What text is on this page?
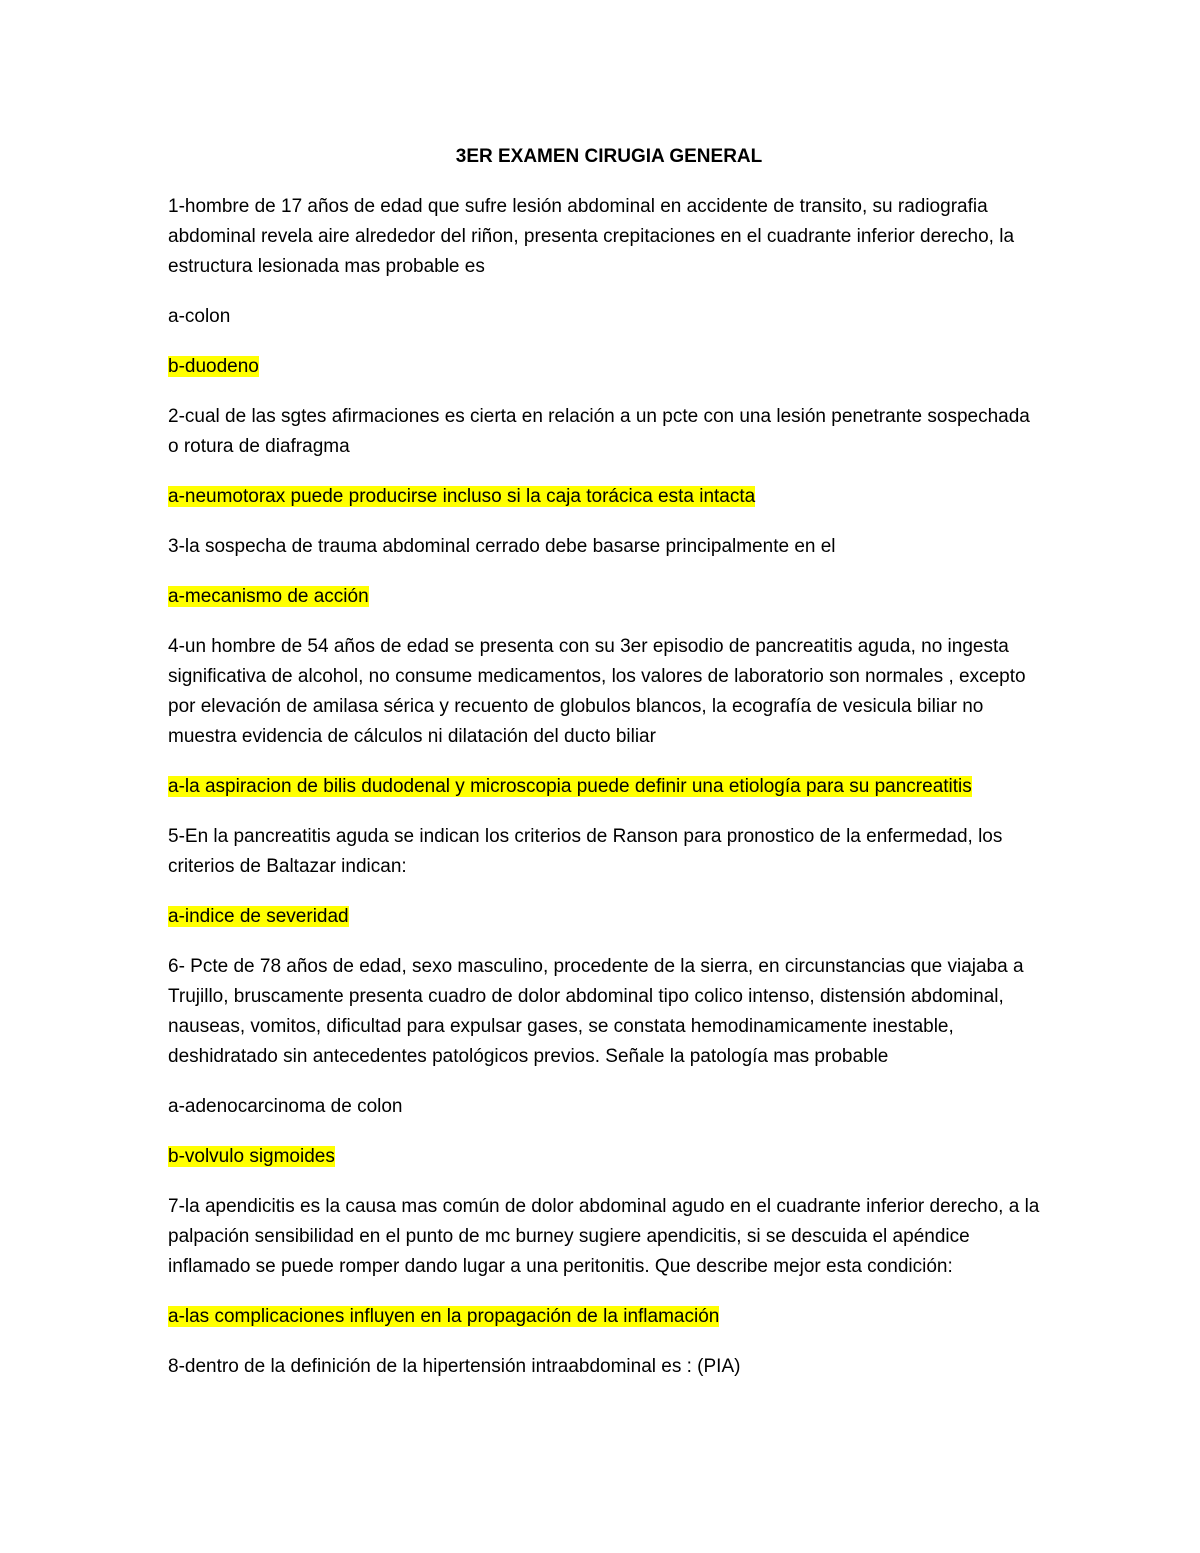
3ER EXAMEN CIRUGIA GENERAL
1-hombre de 17 años de edad que sufre lesión abdominal en accidente de transito, su radiografia abdominal revela aire alrededor del riñon, presenta crepitaciones en el cuadrante inferior derecho, la estructura lesionada mas probable es
a-colon
b-duodeno
2-cual de las sgtes afirmaciones es cierta en relación a un pcte con una lesión penetrante sospechada o rotura de diafragma
a-neumotorax puede producirse incluso si la caja torácica esta intacta
3-la sospecha de trauma abdominal cerrado debe basarse principalmente en el
a-mecanismo de acción
4-un hombre de 54 años de edad se presenta con su 3er episodio de pancreatitis aguda, no ingesta significativa de alcohol, no consume medicamentos, los valores de laboratorio son normales , excepto por elevación de amilasa sérica y recuento de globulos blancos, la ecografía de vesicula biliar no muestra evidencia de cálculos ni dilatación del ducto biliar
a-la aspiracion de bilis dudodenal y microscopia puede definir una etiología para su pancreatitis
5-En la pancreatitis aguda se indican los criterios de Ranson para pronostico de la enfermedad, los criterios de Baltazar indican:
a-indice de severidad
6- Pcte de 78 años de edad, sexo masculino, procedente de la sierra, en circunstancias que viajaba a Trujillo, bruscamente presenta cuadro de dolor abdominal tipo colico intenso, distensión abdominal, nauseas, vomitos, dificultad para expulsar gases, se constata hemodinamicamente inestable, deshidratado sin antecedentes patológicos previos. Señale la patología mas probable
a-adenocarcinoma de colon
b-volvulo sigmoides
7-la apendicitis es la causa mas común de dolor abdominal agudo en el cuadrante inferior derecho, a la palpación sensibilidad en el punto de mc burney sugiere apendicitis, si se descuida el apéndice inflamado se puede romper dando lugar a una peritonitis. Que describe mejor esta condición:
a-las complicaciones influyen en la propagación de la inflamación
8-dentro de la definición de la hipertensión intraabdominal es : (PIA)
